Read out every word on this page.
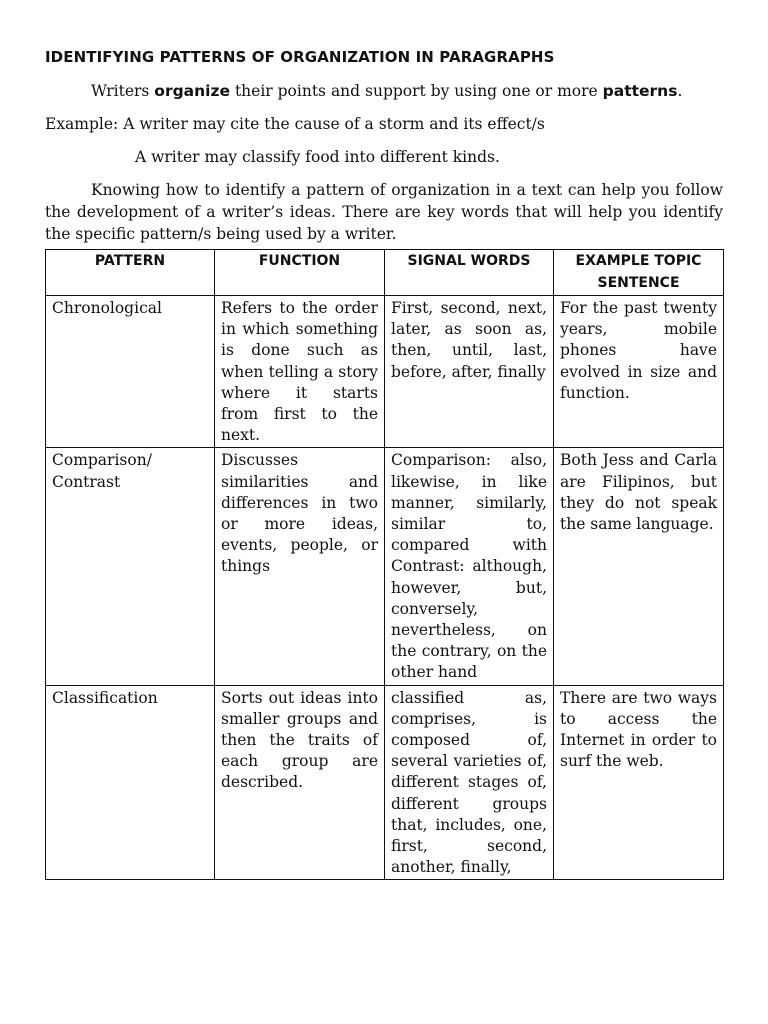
IDENTIFYING PATTERNS OF ORGANIZATION IN PARAGRAPHS

Writers organize their points and support by using one or more patterns.

Example: A writer may cite the cause of a storm and its effect/s

A writer may classify food into different kinds.

Knowing how to identify a pattern of organization in a text can help you follow the development of a writer’s ideas. There are key words that will help you identify the specific pattern/s being used by a writer.

PATTERN	FUNCTION	SIGNAL WORDS	EXAMPLE TOPIC SENTENCE
Chronological	Refers to the order in which something is done such as when telling a story where it starts from first to the next.	First, second, next, later, as soon as, then, until, last, before, after, finally	For the past twenty years, mobile phones have evolved in size and function.
Comparison/ Contrast	Discusses similarities and differences in two or more ideas, events, people, or things	Comparison: also, likewise, in like manner, similarly, similar to, compared with Contrast: although, however, but, conversely, nevertheless, on the contrary, on the other hand	Both Jess and Carla are Filipinos, but they do not speak the same language.
Classification	Sorts out ideas into smaller groups and then the traits of each group are described.	classified as, comprises, is composed of, several varieties of, different stages of, different groups that, includes, one, first, second, another, finally,	There are two ways to access the Internet in order to surf the web.
